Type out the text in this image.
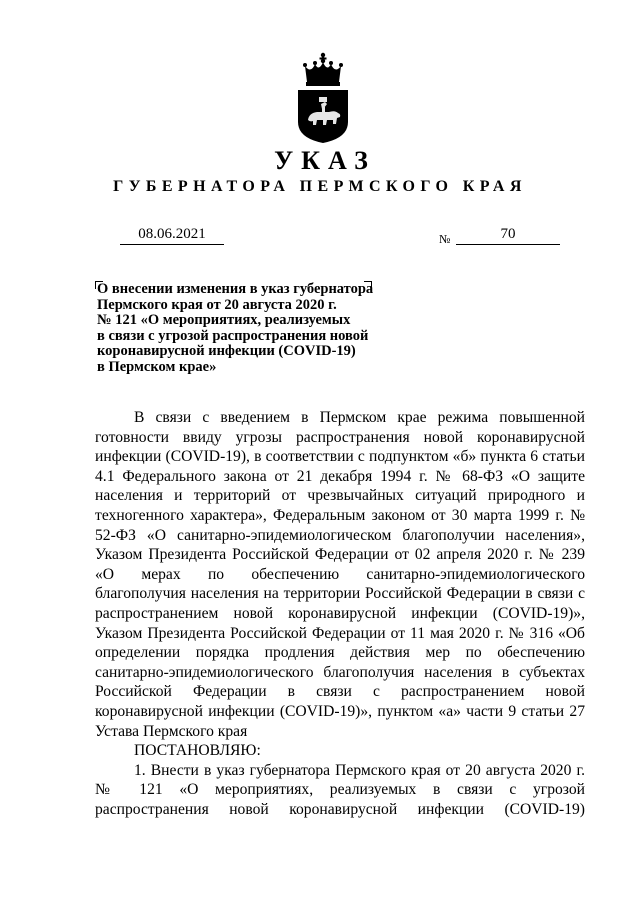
УКАЗ
ГУБЕРНАТОРА ПЕРМСКОГО КРАЯ
08.06.2021	№	70
О внесении изменения в указ губернатора
Пермского края от 20 августа 2020 г.
№ 121 «О мероприятиях, реализуемых
в связи с угрозой распространения новой
коронавирусной инфекции (COVID-19)
в Пермском крае»

В связи с введением в Пермском крае режима повышенной готовности ввиду угрозы распространения новой коронавирусной инфекции (COVID-19), в соответствии с подпунктом «б» пункта 6 статьи 4.1 Федерального закона от 21 декабря 1994 г. № 68-ФЗ «О защите населения и территорий от чрезвычайных ситуаций природного и техногенного характера», Федеральным законом от 30 марта 1999 г. № 52-ФЗ «О санитарно-эпидемиологическом благополучии населения», Указом Президента Российской Федерации от 02 апреля 2020 г. № 239 «О мерах по обеспечению санитарно-эпидемиологического благополучия населения на территории Российской Федерации в связи с распространением новой коронавирусной инфекции (COVID-19)», Указом Президента Российской Федерации от 11 мая 2020 г. № 316 «Об определении порядка продления действия мер по обеспечению санитарно-эпидемиологического благополучия населения в субъектах Российской Федерации в связи с распространением новой коронавирусной инфекции (COVID-19)», пунктом «а» части 9 статьи 27 Устава Пермского края

ПОСТАНОВЛЯЮ:

1. Внести в указ губернатора Пермского края от 20 августа 2020 г. № 121 «О мероприятиях, реализуемых в связи с угрозой распространения новой коронавирусной инфекции (COVID-19)
